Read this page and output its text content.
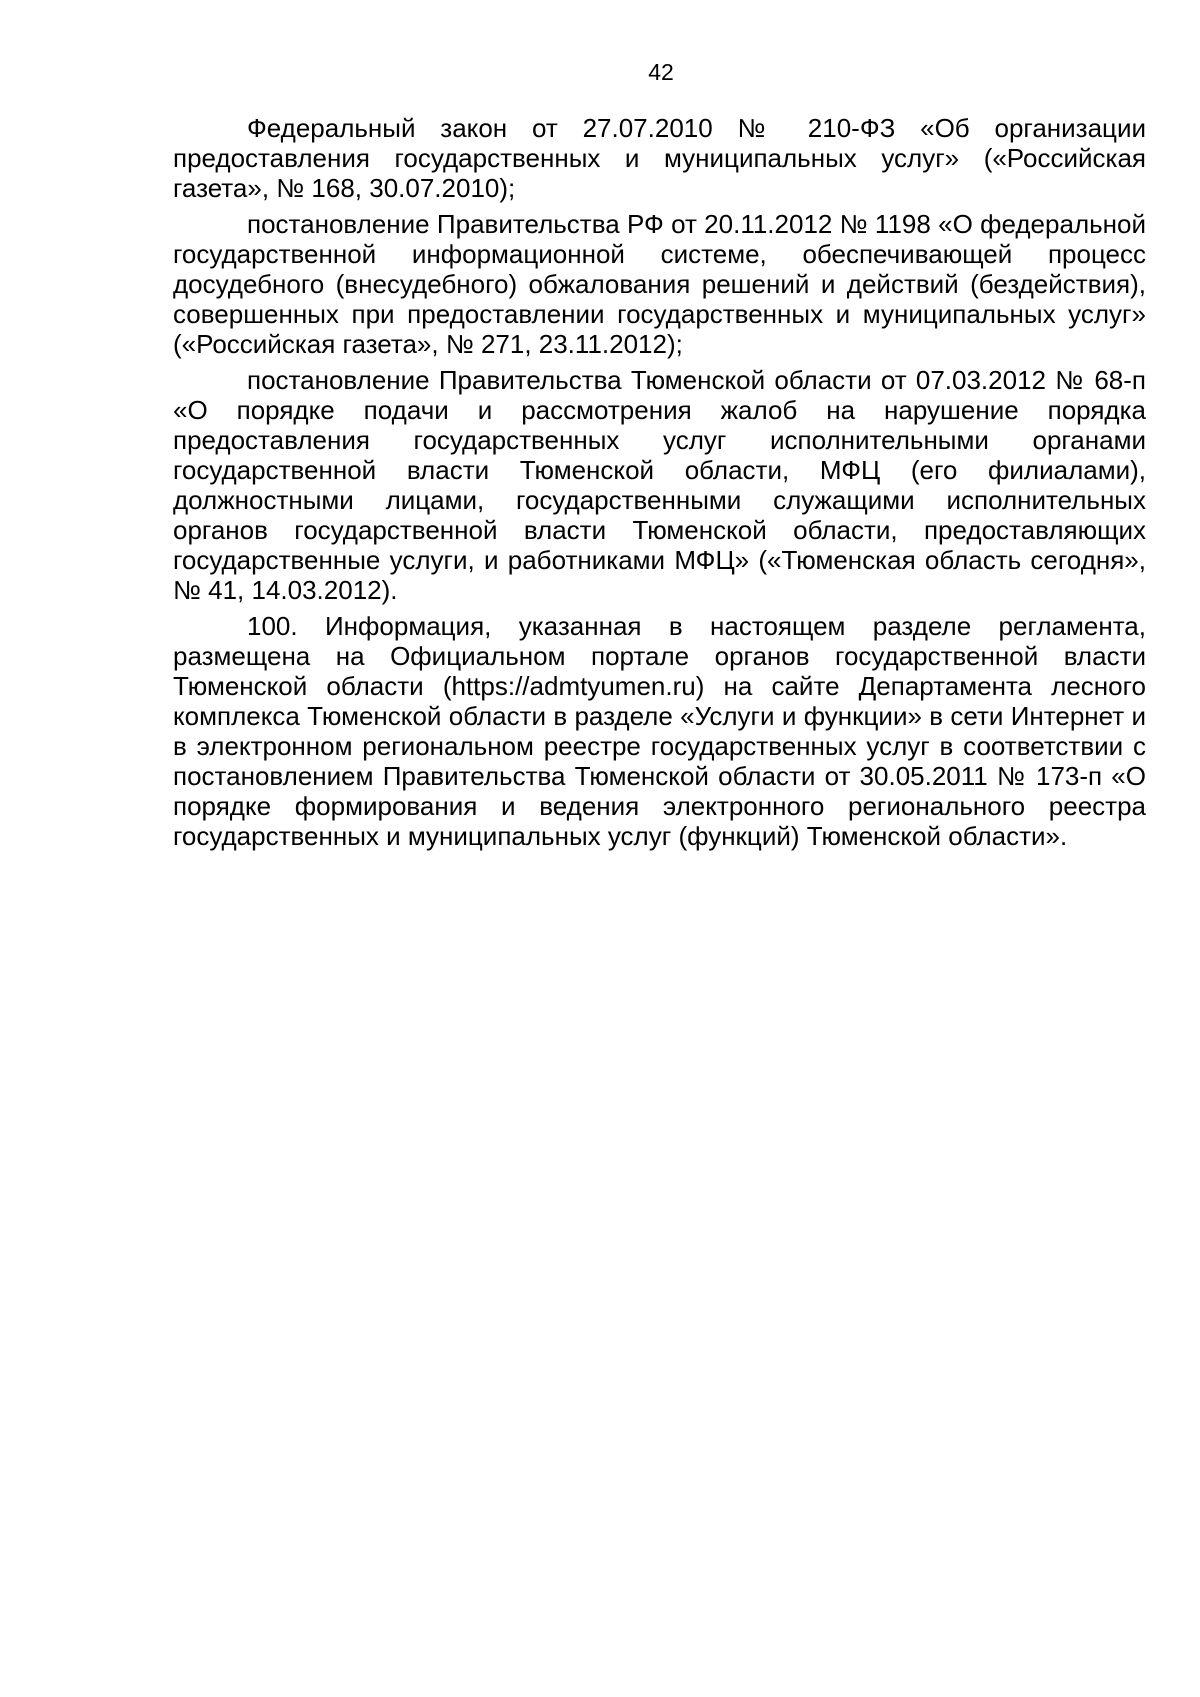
42

Федеральный закон от 27.07.2010 № 210-ФЗ «Об организации предоставления государственных и муниципальных услуг» («Российская газета», № 168, 30.07.2010);

постановление Правительства РФ от 20.11.2012 № 1198 «О федеральной государственной информационной системе, обеспечивающей процесс досудебного (внесудебного) обжалования решений и действий (бездействия), совершенных при предоставлении государственных и муниципальных услуг» («Российская газета», № 271, 23.11.2012);

постановление Правительства Тюменской области от 07.03.2012 № 68-п «О порядке подачи и рассмотрения жалоб на нарушение порядка предоставления государственных услуг исполнительными органами государственной власти Тюменской области, МФЦ (его филиалами), должностными лицами, государственными служащими исполнительных органов государственной власти Тюменской области, предоставляющих государственные услуги, и работниками МФЦ» («Тюменская область сегодня», № 41, 14.03.2012).

100. Информация, указанная в настоящем разделе регламента, размещена на Официальном портале органов государственной власти Тюменской области (https://admtyumen.ru) на сайте Департамента лесного комплекса Тюменской области в разделе «Услуги и функции» в сети Интернет и в электронном региональном реестре государственных услуг в соответствии с постановлением Правительства Тюменской области от 30.05.2011 № 173-п «О порядке формирования и ведения электронного регионального реестра государственных и муниципальных услуг (функций) Тюменской области».
